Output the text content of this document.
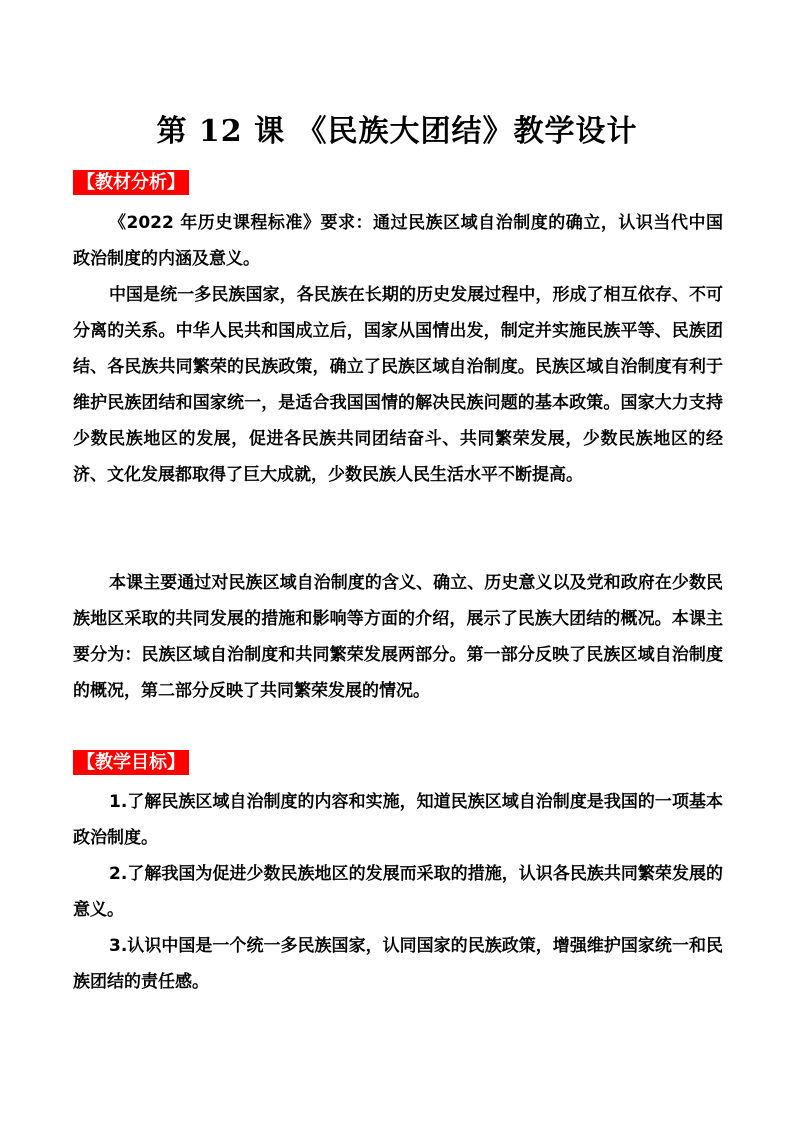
第 12 课 《民族大团结》教学设计
【教材分析】

《2022 年历史课程标准》要求：通过民族区域自治制度的确立，认识当代中国政治制度的内涵及意义。

中国是统一多民族国家，各民族在长期的历史发展过程中，形成了相互依存、不可分离的关系。中华人民共和国成立后，国家从国情出发，制定并实施民族平等、民族团结、各民族共同繁荣的民族政策，确立了民族区域自治制度。民族区域自治制度有利于维护民族团结和国家统一，是适合我国国情的解决民族问题的基本政策。国家大力支持少数民族地区的发展，促进各民族共同团结奋斗、共同繁荣发展，少数民族地区的经济、文化发展都取得了巨大成就，少数民族人民生活水平不断提高。

本课主要通过对民族区域自治制度的含义、确立、历史意义以及党和政府在少数民族地区采取的共同发展的措施和影响等方面的介绍，展示了民族大团结的概况。本课主要分为：民族区域自治制度和共同繁荣发展两部分。第一部分反映了民族区域自治制度的概况，第二部分反映了共同繁荣发展的情况。

【教学目标】

1.了解民族区域自治制度的内容和实施，知道民族区域自治制度是我国的一项基本政治制度。

2.了解我国为促进少数民族地区的发展而采取的措施，认识各民族共同繁荣发展的意义。

3.认识中国是一个统一多民族国家，认同国家的民族政策，增强维护国家统一和民族团结的责任感。
